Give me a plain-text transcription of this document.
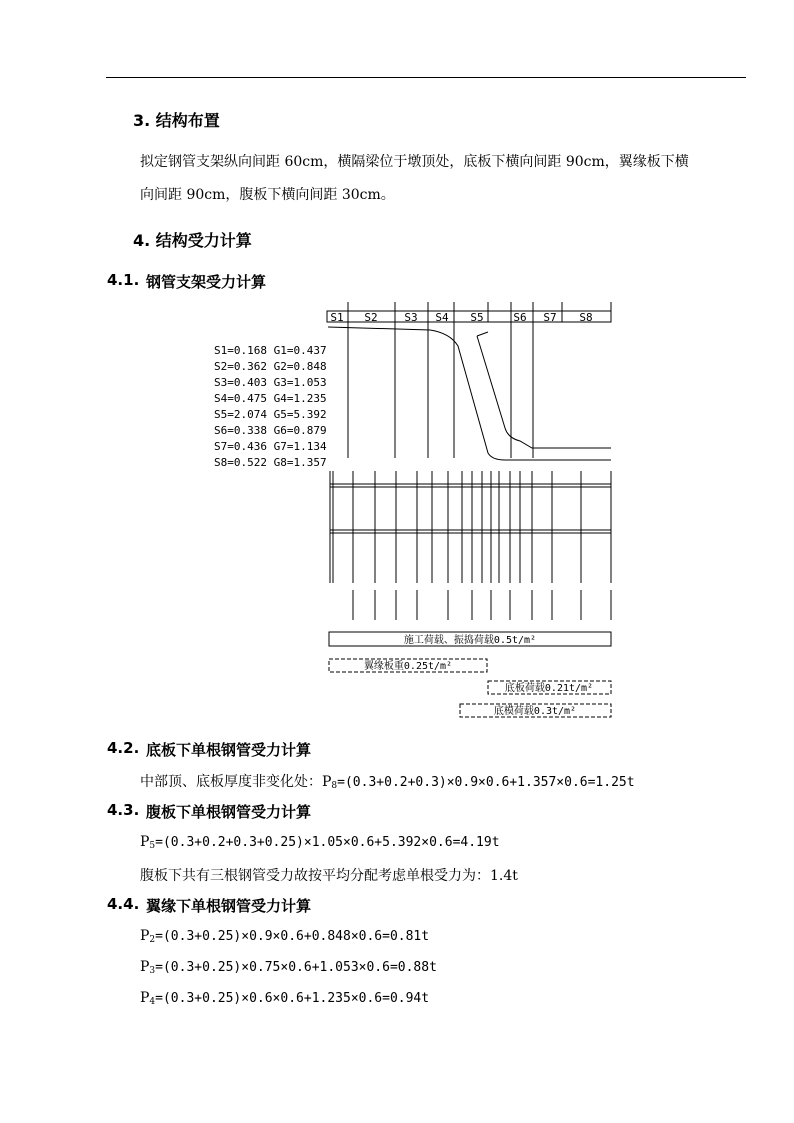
3. 结构布置
拟定钢管支架纵向间距 60cm，横隔梁位于墩顶处，底板下横向间距 90cm，翼缘板下横
向间距 90cm，腹板下横向间距 30cm。
4. 结构受力计算
4.1. 钢管支架受力计算
S1 S2 S3 S4 S5	S6 S7 S8
S1=0.168 G1=0.437
S2=0.362 G2=0.848
S3=0.403 G3=1.053
S4=0.475 G4=1.235
S5=2.074 G5=5.392
S6=0.338 G6=0.879
S7=0.436 G7=1.134
S8=0.522 G8=1.357
施工荷载、振捣荷载0.5t/m²
翼缘板重0.25t/m²
底板荷载0.21t/m²
底模荷载0.3t/m²
4.2. 底板下单根钢管受力计算
中部顶、底板厚度非变化处：$P_8=(0.3+0.2+0.3)\times 0.9\times 0.6+1.357\times 0.6=1.25t$
4.3. 腹板下单根钢管受力计算
$P_5=(0.3+0.2+0.3+0.25)\times 1.05\times 0.6+5.392\times 0.6=4.19t$
腹板下共有三根钢管受力故按平均分配考虑单根受力为：1.4t
4.4. 翼缘下单根钢管受力计算
$P_2=(0.3+0.25)\times 0.9\times 0.6+0.848\times 0.6=0.81t$
$P_3=(0.3+0.25)\times 0.75\times 0.6+1.053\times 0.6=0.88t$
$P_4=(0.3+0.25)\times 0.6\times 0.6+1.235\times 0.6=0.94t$
